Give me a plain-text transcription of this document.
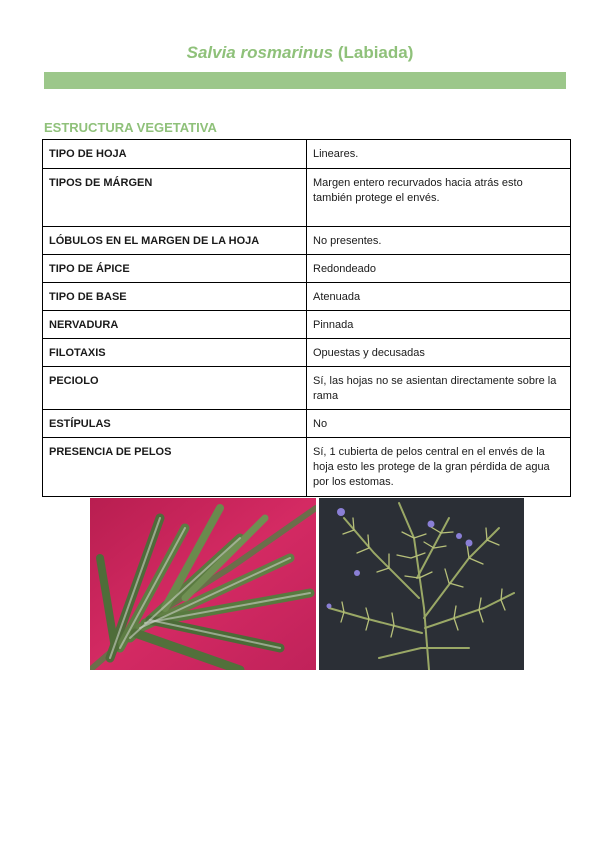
Salvia rosmarinus (Labiada)
ESTRUCTURA VEGETATIVA
TIPO DE HOJA	Lineares.
TIPOS DE MÁRGEN	Margen entero recurvados hacia atrás esto también protege el envés.
LÓBULOS EN EL MARGEN DE LA HOJA	No presentes.
TIPO DE ÁPICE	Redondeado
TIPO DE BASE	Atenuada
NERVADURA	Pinnada
FILOTAXIS	Opuestas y decusadas
PECIOLO	Sí, las hojas no se asientan directamente sobre la rama
ESTÍPULAS	No
PRESENCIA DE PELOS	Sí, 1 cubierta de pelos central en el envés de la hoja esto les protege de la gran pérdida de agua por los estomas.
